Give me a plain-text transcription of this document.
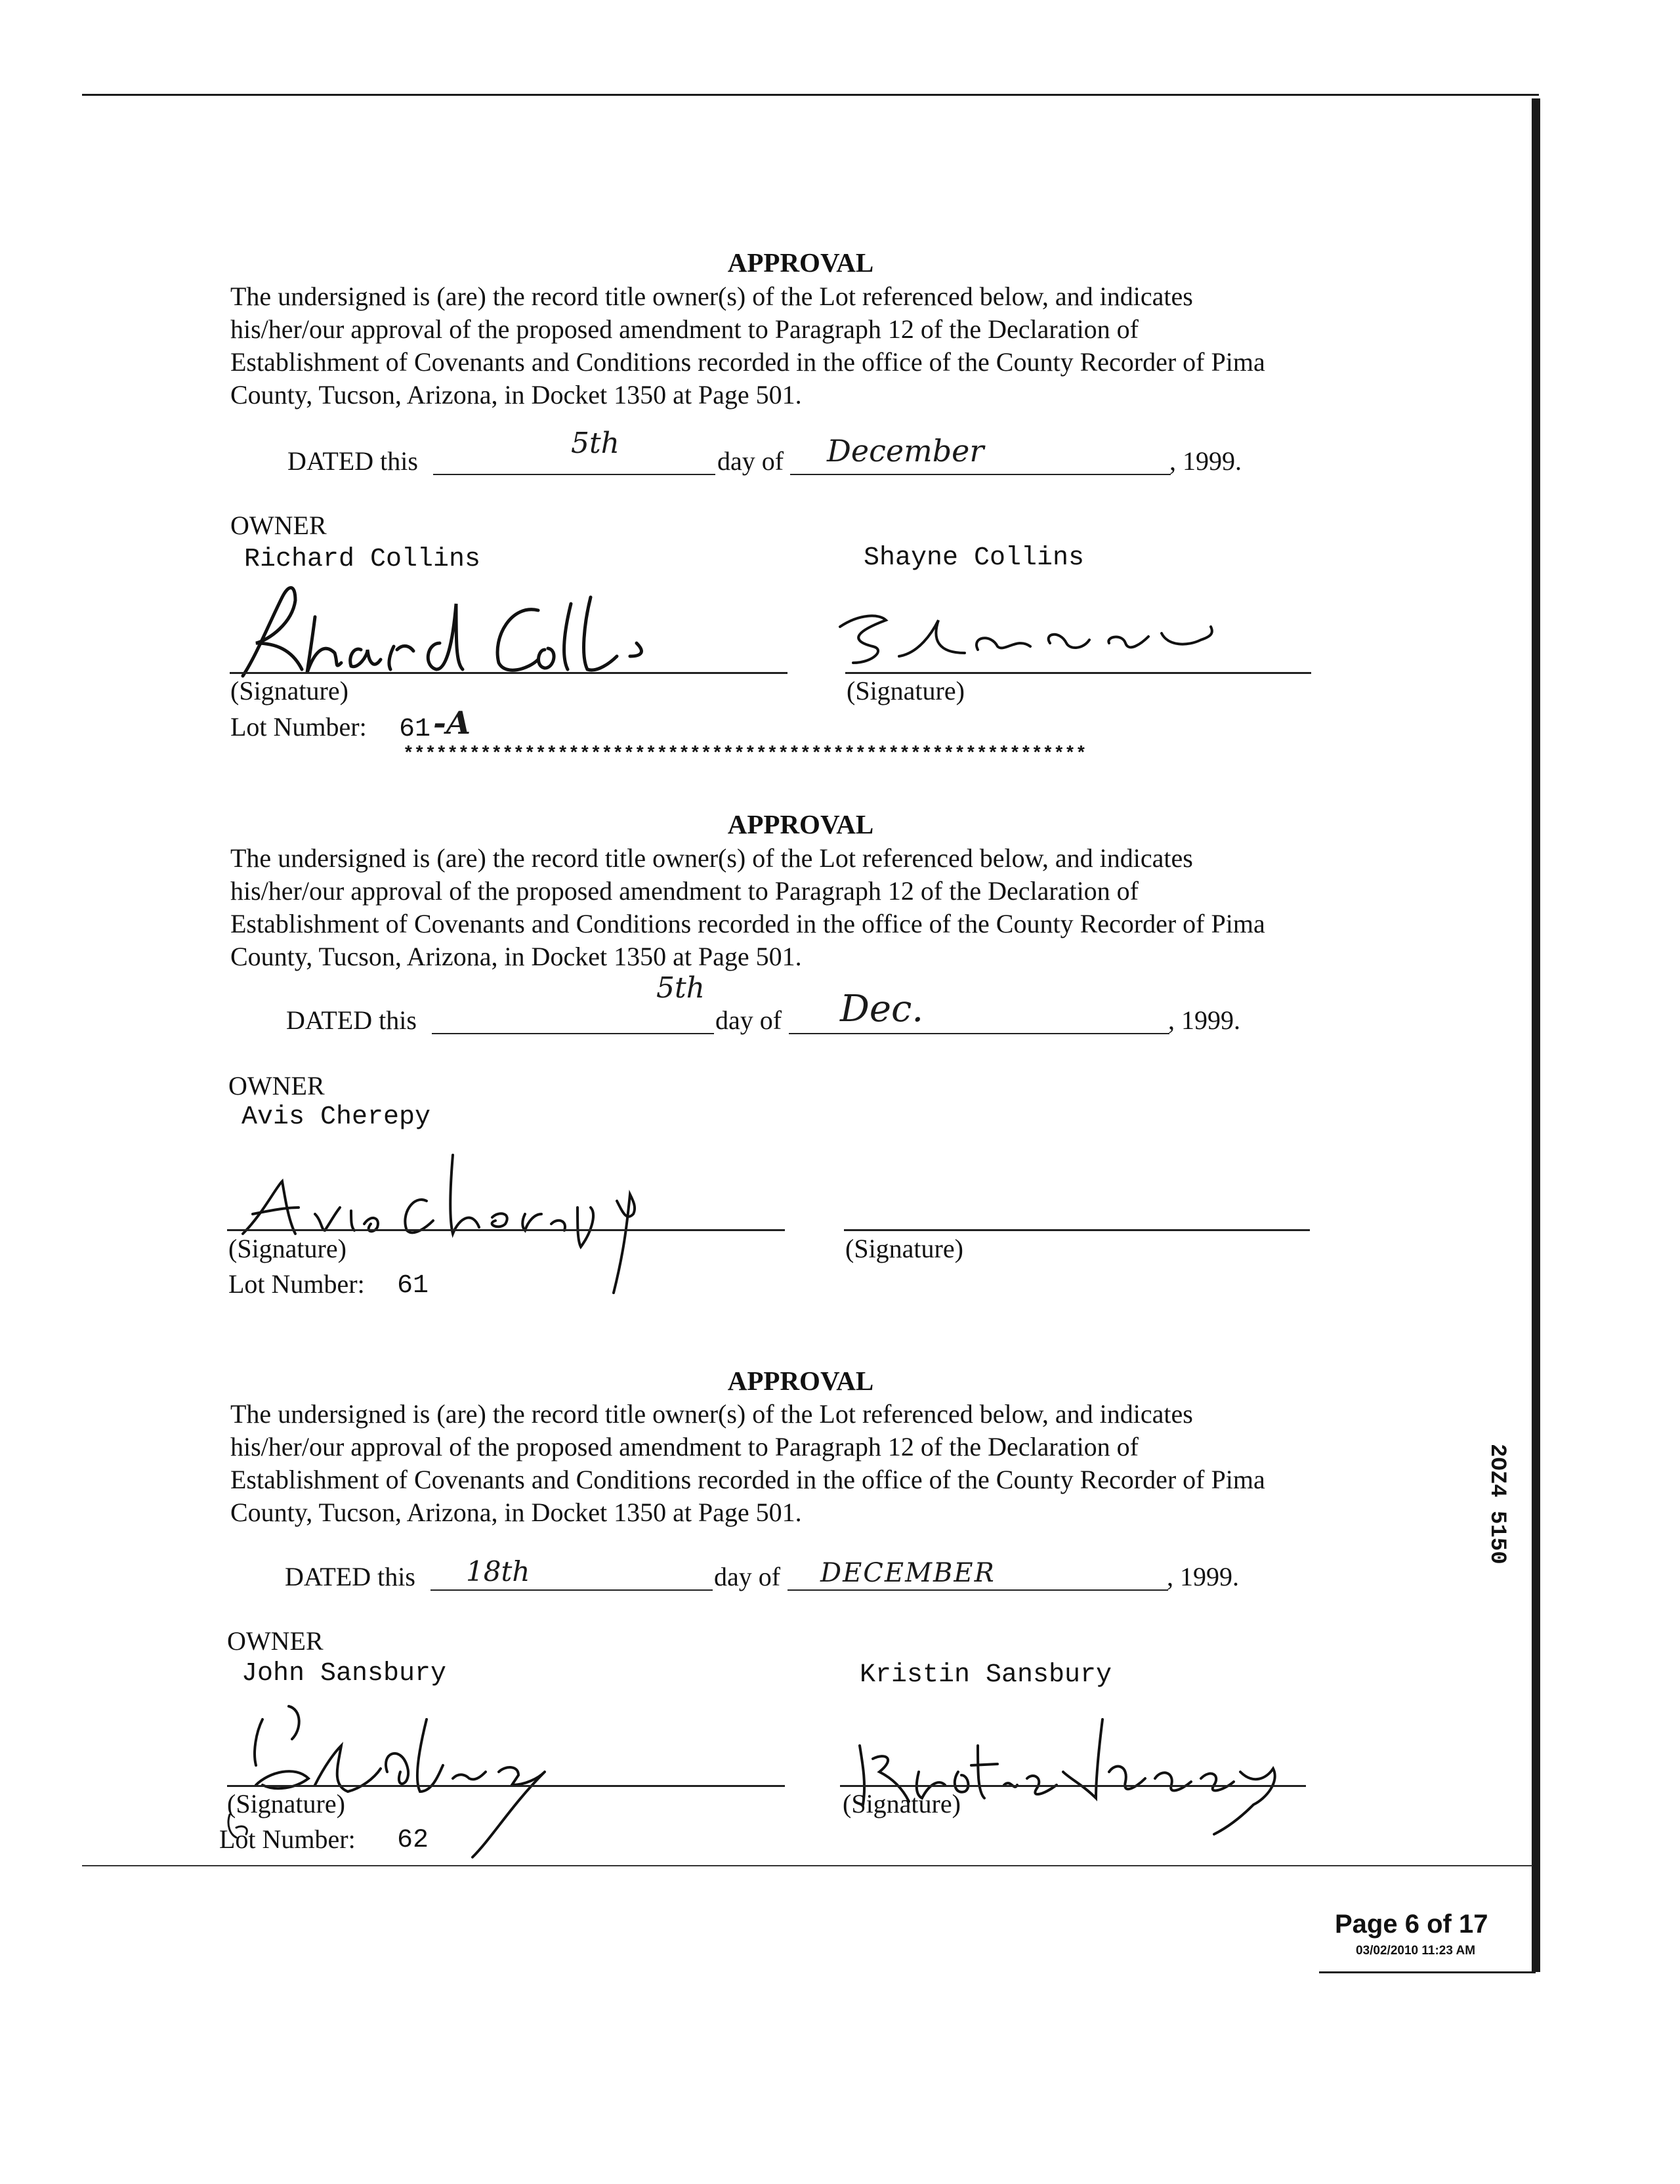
APPROVAL
The undersigned is (are) the record title owner(s) of the Lot referenced below, and indicates
his/her/our approval of the proposed amendment to Paragraph 12 of the Declaration of
Establishment of Covenants and Conditions recorded in the office of the County Recorder of Pima
County, Tucson, Arizona, in Docket 1350 at Page 501.
DATED this
5th
day of December	, 1999.
OWNER
Richard Collins	Shayne Collins
(Signature)	(Signature)
Lot Number: 61 -A
**************************************************************
APPROVAL
The undersigned is (are) the record title owner(s) of the Lot referenced below, and indicates
his/her/our approval of the proposed amendment to Paragraph 12 of the Declaration of
Establishment of Covenants and Conditions recorded in the office of the County Recorder of Pima
County, Tucson, Arizona, in Docket 1350 at Page 501.
DATED this
5th
day of Dec.	, 1999.
OWNER
Avis Cherepy
(Signature)	(Signature)
Lot Number: 61
APPROVAL
The undersigned is (are) the record title owner(s) of the Lot referenced below, and indicates
his/her/our approval of the proposed amendment to Paragraph 12 of the Declaration of
Establishment of Covenants and Conditions recorded in the office of the County Recorder of Pima
County, Tucson, Arizona, in Docket 1350 at Page 501.
DATED this 18th	day of DECEMBER	, 1999.
OWNER
John Sansbury	Kristin Sansbury
(Signature)	(Signature)
Lot Number: 62
2OZ4 5150
Page 6 of 17
03/02/2010 11:23 AM
